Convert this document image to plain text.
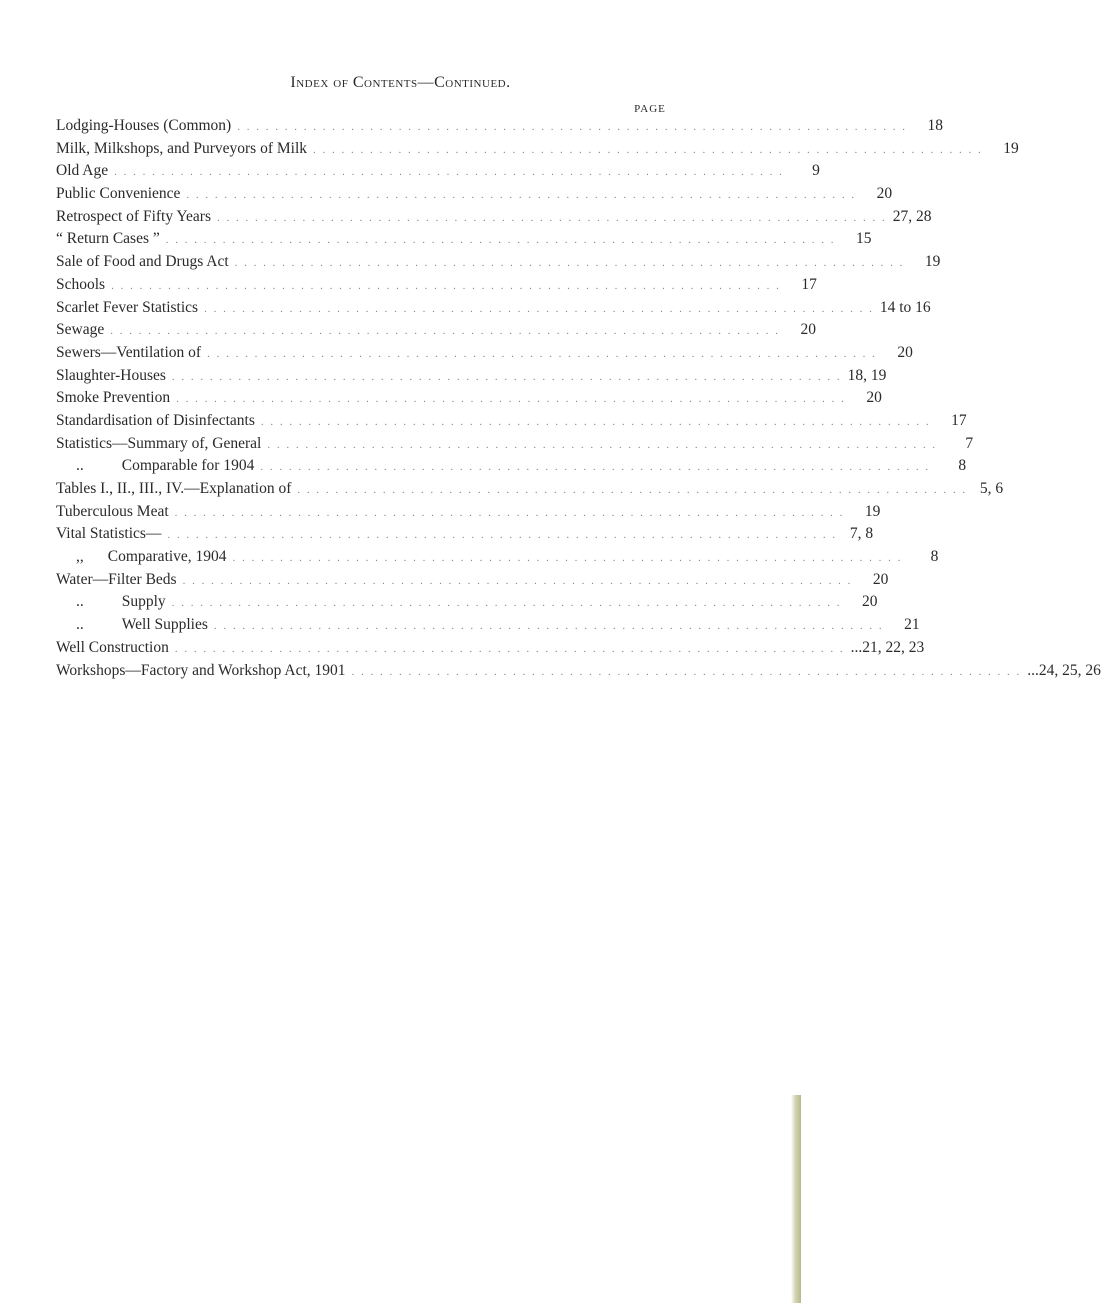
Index of Contents—Continued.
PAGE
Lodging-Houses (Common) . . . . . . . . . . . . . . . . . . . . . . . . . . . . . . . . . . . . . . . . . . . . . . . . . . . . . . . . . . . . . . . . . . . . . . .	18
Milk, Milkshops, and Purveyors of Milk . . . . . . . . . . . . . . . . . . . . . . . . . . . . . . . . . . . . . . . . . . . . . . . . . . . . . . . . . . . . . . . . . . . . . . .	19
Old Age . . . . . . . . . . . . . . . . . . . . . . . . . . . . . . . . . . . . . . . . . . . . . . . . . . . . . . . . . . . . . . . . . . . . . . .	9
Public Convenience . . . . . . . . . . . . . . . . . . . . . . . . . . . . . . . . . . . . . . . . . . . . . . . . . . . . . . . . . . . . . . . . . . . . . . .	20
Retrospect of Fifty Years . . . . . . . . . . . . . . . . . . . . . . . . . . . . . . . . . . . . . . . . . . . . . . . . . . . . . . . . . . . . . . . . . . . . . . . 27, 28
“ Return Cases ” . . . . . . . . . . . . . . . . . . . . . . . . . . . . . . . . . . . . . . . . . . . . . . . . . . . . . . . . . . . . . . . . . . . . . . .	15
Sale of Food and Drugs Act . . . . . . . . . . . . . . . . . . . . . . . . . . . . . . . . . . . . . . . . . . . . . . . . . . . . . . . . . . . . . . . . . . . . . . .	19
Schools . . . . . . . . . . . . . . . . . . . . . . . . . . . . . . . . . . . . . . . . . . . . . . . . . . . . . . . . . . . . . . . . . . . . . . .	17
Scarlet Fever Statistics . . . . . . . . . . . . . . . . . . . . . . . . . . . . . . . . . . . . . . . . . . . . . . . . . . . . . . . . . . . . . . . . . . . . . . . 14 to 16
Sewage . . . . . . . . . . . . . . . . . . . . . . . . . . . . . . . . . . . . . . . . . . . . . . . . . . . . . . . . . . . . . . . . . . . . . . .	20
Sewers—Ventilation of . . . . . . . . . . . . . . . . . . . . . . . . . . . . . . . . . . . . . . . . . . . . . . . . . . . . . . . . . . . . . . . . . . . . . . .	20
Slaughter-Houses . . . . . . . . . . . . . . . . . . . . . . . . . . . . . . . . . . . . . . . . . . . . . . . . . . . . . . . . . . . . . . . . . . . . . . . 18, 19
Smoke Prevention . . . . . . . . . . . . . . . . . . . . . . . . . . . . . . . . . . . . . . . . . . . . . . . . . . . . . . . . . . . . . . . . . . . . . . .	20
Standardisation of Disinfectants . . . . . . . . . . . . . . . . . . . . . . . . . . . . . . . . . . . . . . . . . . . . . . . . . . . . . . . . . . . . . . . . . . . . . . .	17
Statistics—Summary of, General . . . . . . . . . . . . . . . . . . . . . . . . . . . . . . . . . . . . . . . . . . . . . . . . . . . . . . . . . . . . . . . . . . . . . . .	7
.. Comparable for 1904 . . . . . . . . . . . . . . . . . . . . . . . . . . . . . . . . . . . . . . . . . . . . . . . . . . . . . . . . . . . . . . . . . . . . . . .	8
Tables I., II., III., IV.—Explanation of . . . . . . . . . . . . . . . . . . . . . . . . . . . . . . . . . . . . . . . . . . . . . . . . . . . . . . . . . . . . . . . . . . . . . . . 5, 6
Tuberculous Meat . . . . . . . . . . . . . . . . . . . . . . . . . . . . . . . . . . . . . . . . . . . . . . . . . . . . . . . . . . . . . . . . . . . . . . .	19
Vital Statistics— . . . . . . . . . . . . . . . . . . . . . . . . . . . . . . . . . . . . . . . . . . . . . . . . . . . . . . . . . . . . . . . . . . . . . . . 7, 8
,, Comparative, 1904 . . . . . . . . . . . . . . . . . . . . . . . . . . . . . . . . . . . . . . . . . . . . . . . . . . . . . . . . . . . . . . . . . . . . . . .	8
Water—Filter Beds . . . . . . . . . . . . . . . . . . . . . . . . . . . . . . . . . . . . . . . . . . . . . . . . . . . . . . . . . . . . . . . . . . . . . . .	20
.. Supply . . . . . . . . . . . . . . . . . . . . . . . . . . . . . . . . . . . . . . . . . . . . . . . . . . . . . . . . . . . . . . . . . . . . . . .	20
.. Well Supplies . . . . . . . . . . . . . . . . . . . . . . . . . . . . . . . . . . . . . . . . . . . . . . . . . . . . . . . . . . . . . . . . . . . . . . .	21
Well Construction . . . . . . . . . . . . . . . . . . . . . . . . . . . . . . . . . . . . . . . . . . . . . . . . . . . . . . . . . . . . . . . . . . . . . . . ...21, 22, 23
Workshops—Factory and Workshop Act, 1901 . . . . . . . . . . . . . . . . . . . . . . . . . . . . . . . . . . . . . . . . . . . . . . . . . . . . . . . . . . . . . . . . . . . . . . . ...24, 25, 26
